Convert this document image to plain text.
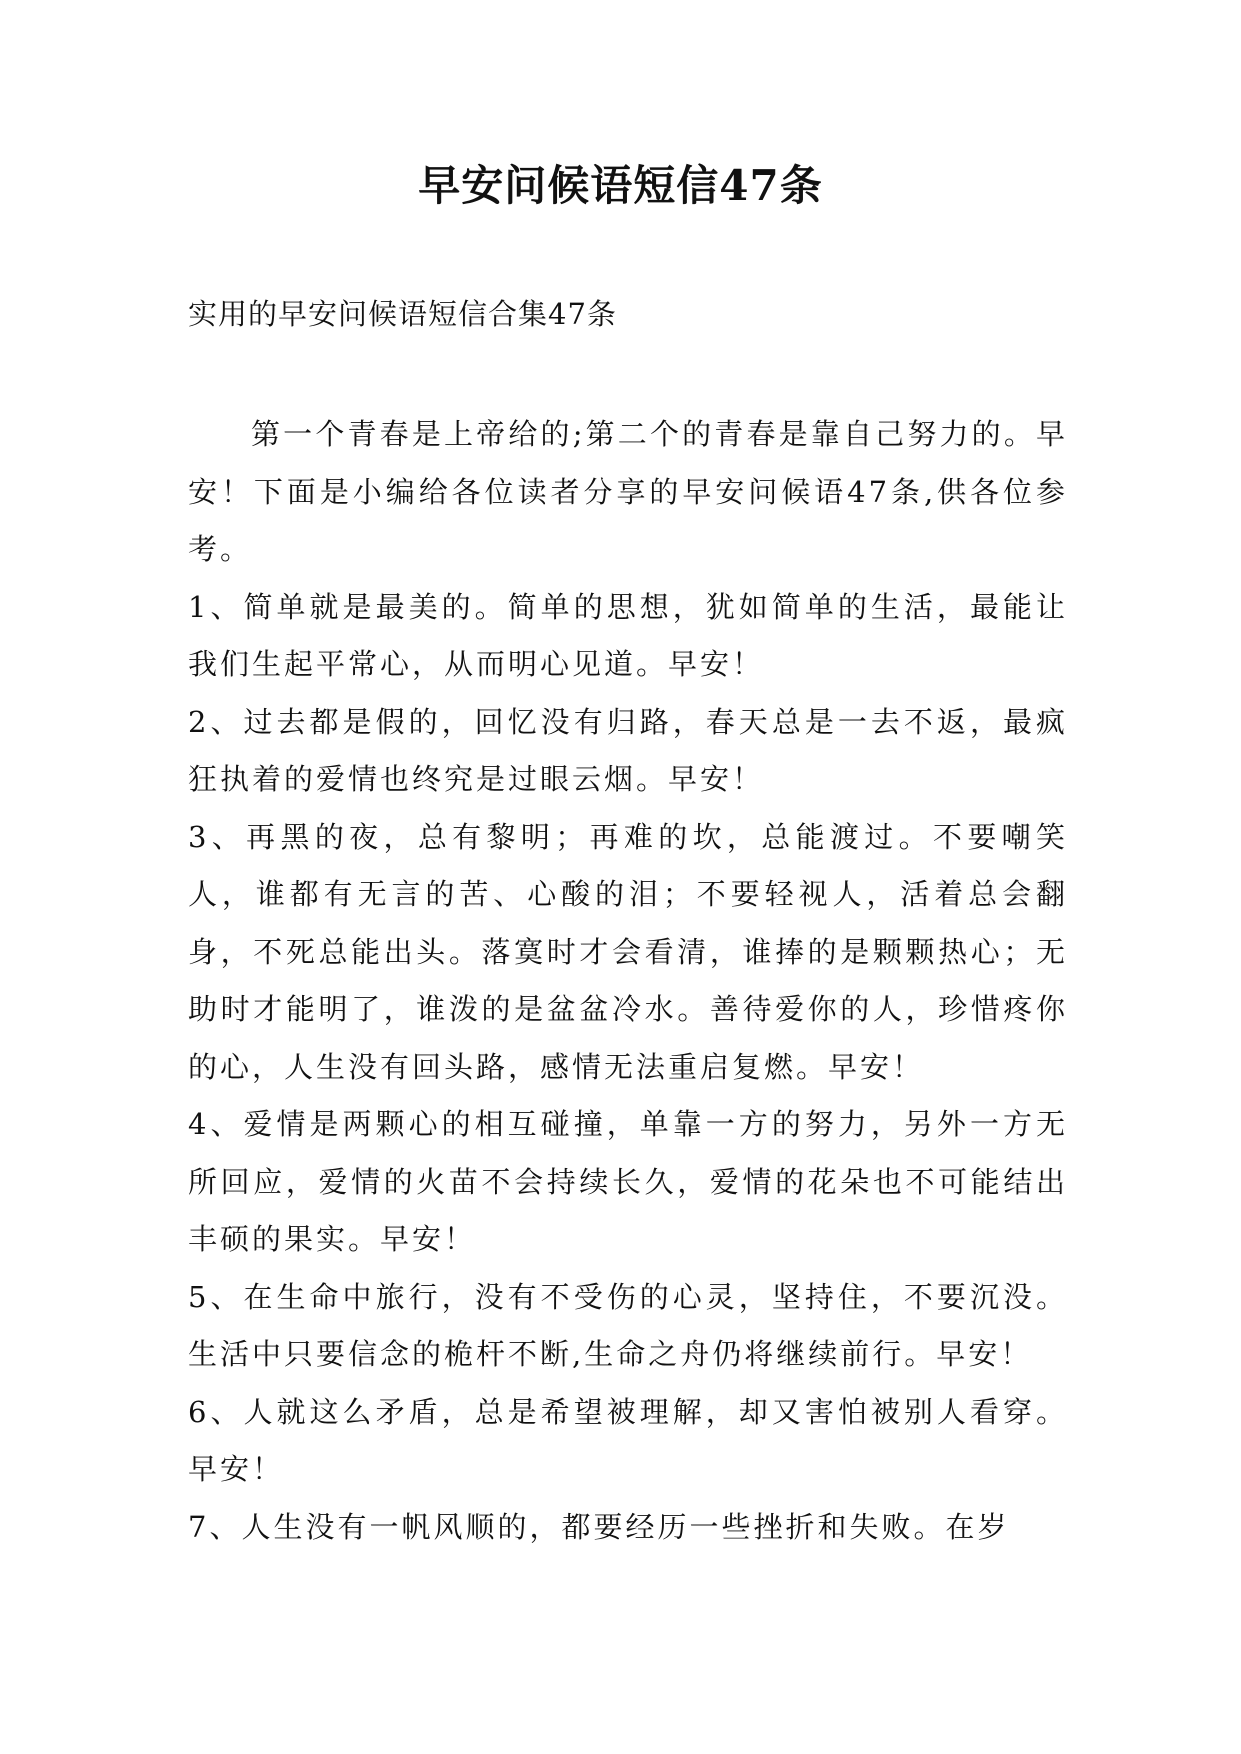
早安问候语短信47条

实用的早安问候语短信合集47条

第一个青春是上帝给的;第二个的青春是靠自己努力的。早安！下面是小编给各位读者分享的早安问候语47条,供各位参考。

1、简单就是最美的。简单的思想，犹如简单的生活，最能让我们生起平常心，从而明心见道。早安！

2、过去都是假的，回忆没有归路，春天总是一去不返，最疯狂执着的爱情也终究是过眼云烟。早安！

3、再黑的夜，总有黎明；再难的坎，总能渡过。不要嘲笑人，谁都有无言的苦、心酸的泪；不要轻视人，活着总会翻身，不死总能出头。落寞时才会看清，谁捧的是颗颗热心；无助时才能明了，谁泼的是盆盆冷水。善待爱你的人，珍惜疼你的心，人生没有回头路，感情无法重启复燃。早安！

4、爱情是两颗心的相互碰撞，单靠一方的努力，另外一方无所回应，爱情的火苗不会持续长久，爱情的花朵也不可能结出丰硕的果实。早安！

5、在生命中旅行，没有不受伤的心灵，坚持住，不要沉没。生活中只要信念的桅杆不断,生命之舟仍将继续前行。早安！

6、人就这么矛盾，总是希望被理解，却又害怕被别人看穿。早安！

7、人生没有一帆风顺的，都要经历一些挫折和失败。在岁
